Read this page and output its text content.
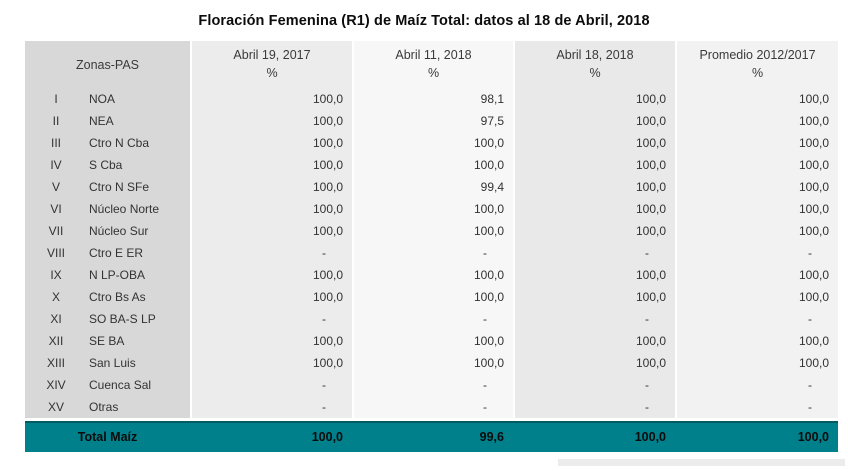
Floración Femenina (R1) de Maíz Total: datos al 18 de Abril, 2018
Zonas-PAS
Abril 19, 2017
%
Abril 11, 2018
%
Abril 18, 2018
%
Promedio 2012/2017
%
I	NOA	100,0	98,1	100,0	100,0
II NEA	100,0	97,5	100,0	100,0
III Ctro N Cba	100,0	100,0	100,0	100,0
IV S Cba	100,0	100,0	100,0	100,0
V Ctro N SFe	100,0	99,4	100,0	100,0
VI Núcleo Norte	100,0	100,0	100,0	100,0
VII Núcleo Sur	100,0	100,0	100,0	100,0
VIII Ctro E ER	-	-	-	-
IX N LP-OBA	100,0	100,0	100,0	100,0
X Ctro Bs As	100,0	100,0	100,0	100,0
XI SO BA-S LP	-	-	-	-
XII SE BA	100,0	100,0	100,0	100,0
XIII San Luis	100,0	100,0	100,0	100,0
XIV Cuenca Sal	-	-	-	-
XV Otras	-	-	-	-
Total Maíz	100,0	99,6	100,0	100,0
